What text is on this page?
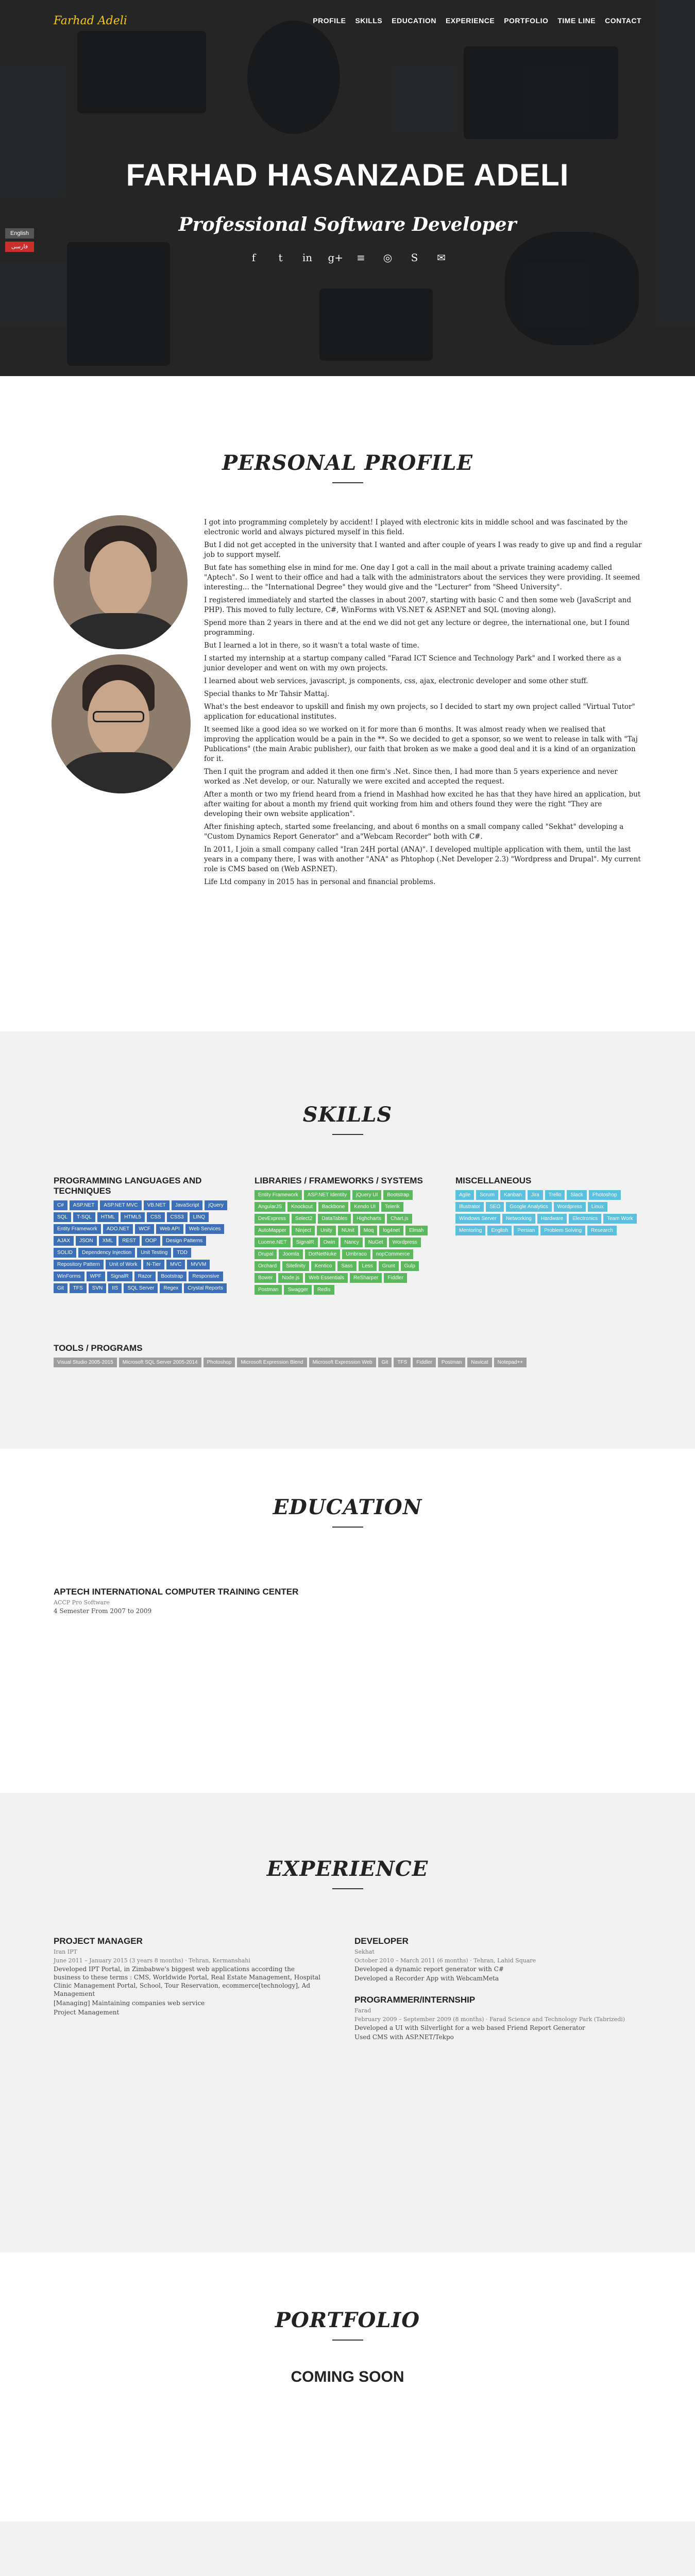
Farhad Adeli	PROFILE SKILLS EDUCATION EXPERIENCE PORTFOLIO TIME LINE CONTACT
English
فارسی
FARHAD HASANZADE ADELI
Professional Software Developer
f	t	in g+ ≡ ◎ S ✉
PERSONAL PROFILE

I got into programming completely by accident! I played with electronic kits in middle school and was fascinated by the electronic world and always pictured myself in this field.

But I did not get accepted in the university that I wanted and after couple of years I was ready to give up and find a regular job to support myself.

But fate has something else in mind for me. One day I got a call in the mail about a private training academy called "Aptech". So I went to their office and had a talk with the administrators about the services they were providing. It seemed interesting... the "International Degree" they would give and the "Lecturer" from "Sheed University".

I registered immediately and started the classes in about 2007, starting with basic C and then some web (JavaScript and PHP). This moved to fully lecture, C#, WinForms with VS.NET & ASP.NET and SQL (moving along).

Spend more than 2 years in there and at the end we did not get any lecture or degree, the international one, but I found programming.

But I learned a lot in there, so it wasn't a total waste of time.

I started my internship at a startup company called "Farad ICT Science and Technology Park" and I worked there as a junior developer and went on with my own projects.

I learned about web services, javascript, js components, css, ajax, electronic developer and some other stuff.

Special thanks to Mr Tahsir Mattaj.

What's the best endeavor to upskill and finish my own projects, so I decided to start my own project called "Virtual Tutor" application for educational institutes.

It seemed like a good idea so we worked on it for more than 6 months. It was almost ready when we realised that improving the application would be a pain in the **. So we decided to get a sponsor, so we went to release in talk with "Taj Publications" (the main Arabic publisher), our faith that broken as we make a good deal and it is a kind of an organization for it.

Then I quit the program and added it then one firm's .Net. Since then, I had more than 5 years experience and never worked as .Net develop, or our. Naturally we were excited and accepted the request.

After a month or two my friend heard from a friend in Mashhad how excited he has that they have hired an application, but after waiting for about a month my friend quit working from him and others found they were the right "They are developing their own website application".

After finishing aptech, started some freelancing, and about 6 months on a small company called "Sekhat" developing a "Custom Dynamics Report Generator" and a"Webcam Recorder" both with C#.

In 2011, I join a small company called "Iran 24H portal (ANA)". I developed multiple application with them, until the last years in a company there, I was with another "ANA" as Phtophop (.Net Developer 2.3) "Wordpress and Drupal". My current role is CMS based on (Web ASP.NET).

Life Ltd company in 2015 has in personal and financial problems.

SKILLS
PROGRAMMING LANGUAGES AND TECHNIQUES
C#	ASP.NET	ASP.NET MVC	VB.NET	JavaScript	jQuery
SQL	T-SQL	HTML	HTML5	CSS	CSS3	LINQ
Entity Framework	ADO.NET	WCF	Web API	Web Services
AJAX	JSON	XML	REST	OOP	Design Patterns
SOLID	Dependency Injection	Unit Testing	TDD
Repository Pattern	Unit of Work	N-Tier	MVC	MVVM
WinForms	WPF	SignalR	Razor	Bootstrap	Responsive
Git	TFS	SVN	IIS	SQL Server	Regex	Crystal Reports
LIBRARIES / FRAMEWORKS / SYSTEMS
Entity Framework	ASP.NET Identity	jQuery UI	Bootstrap
AngularJS	Knockout	Backbone	Kendo UI	Telerik
DevExpress	Select2	DataTables	Highcharts	Chart.js
AutoMapper	Ninject	Unity	NUnit	Moq	log4net	Elmah
Lucene.NET	SignalR	Owin	Nancy	NuGet	Wordpress
Drupal	Joomla	DotNetNuke	Umbraco	nopCommerce
Orchard	Sitefinity	Kentico	Sass	Less	Grunt	Gulp
Bower	Node.js	Web Essentials	ReSharper	Fiddler
Postman	Swagger	Redis
MISCELLANEOUS
Agile	Scrum	Kanban	Jira	Trello	Slack	Photoshop
Illustrator	SEO	Google Analytics	Wordpress	Linux
Windows Server	Networking	Hardware	Electronics	Team Work
Mentoring	English	Persian	Problem Solving	Research
TOOLS / PROGRAMS
Visual Studio 2005-2015	Microsoft SQL Server 2005-2014	Photoshop	Microsoft Expression Blend	Microsoft Expression Web	Git	TFS	Fiddler	Postman	Navicat	Notepad++
EDUCATION
APTECH INTERNATIONAL COMPUTER TRAINING CENTER
ACCP Pro Software
4 Semester From 2007 to 2009
EXPERIENCE
PROJECT MANAGER
Iran IPT
June 2011 – January 2015 (3 years 8 months) · Tehran, Kermanshahi
Developed IPT Portal, in Zimbabwe's biggest web applications according the business to these terms : CMS, Worldwide Portal, Real Estate Management, Hospital Clinic Management Portal, School, Tour Reservation, ecommerce[technology], Ad Management
[Managing] Maintaining companies web service
Project Management
DEVELOPER
Sekhat
October 2010 – March 2011 (6 months) · Tehran, Lahid Square
Developed a dynamic report generator with C#
Developed a Recorder App with WebcamMeta
PROGRAMMER/INTERNSHIP
Farad
February 2009 – September 2009 (8 months) · Farad Science and Technology Park (Tabrizedi)
Developed a UI with Silverlight for a web based Friend Report Generator
Used CMS with ASP.NET/Tekpo
PORTFOLIO
COMING SOON
